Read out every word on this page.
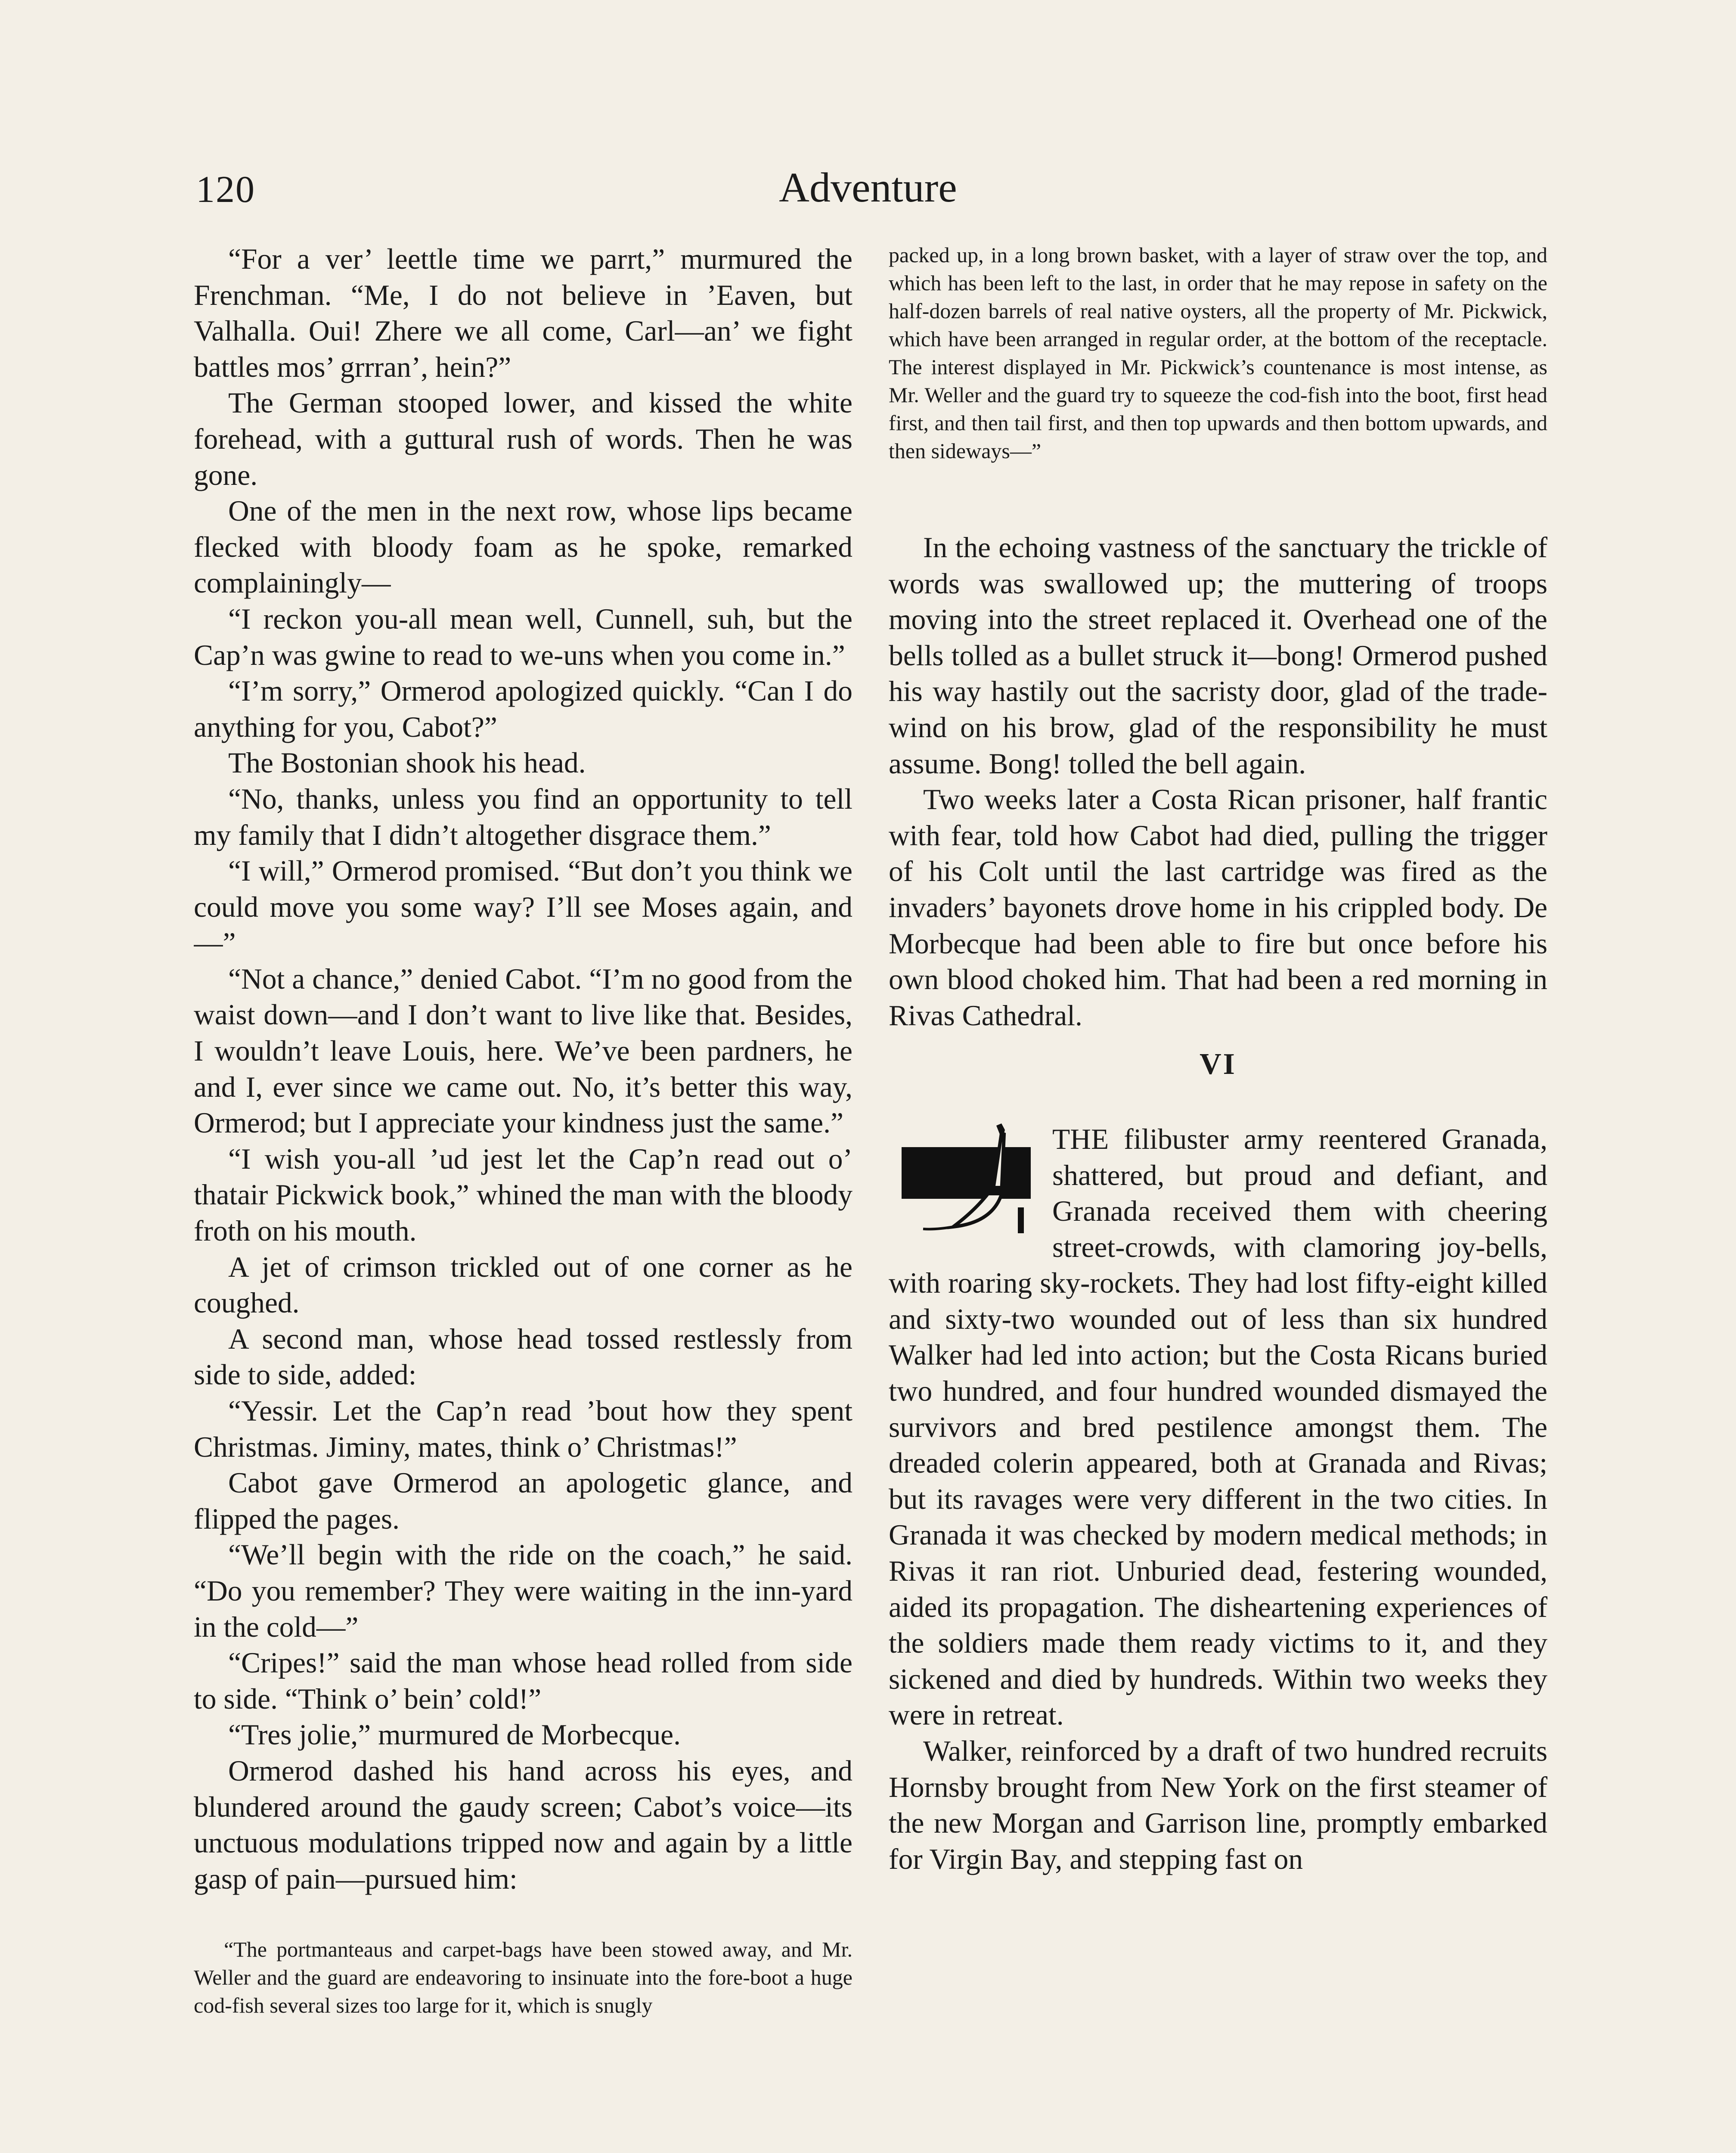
120	Adventure

“For a ver’ leettle time we parrt,” murmured the Frenchman. “Me, I do not believe in ’Eaven, but Valhalla. Oui! Zhere we all come, Carl—an’ we fight battles mos’ grrran’, hein?”

The German stooped lower, and kissed the white forehead, with a guttural rush of words. Then he was gone.

One of the men in the next row, whose lips became flecked with bloody foam as he spoke, remarked complainingly—

“I reckon you-all mean well, Cunnell, suh, but the Cap’n was gwine to read to we-uns when you come in.”

“I’m sorry,” Ormerod apologized quickly. “Can I do anything for you, Cabot?”

The Bostonian shook his head.

“No, thanks, unless you find an opportunity to tell my family that I didn’t altogether disgrace them.”

“I will,” Ormerod promised. “But don’t you think we could move you some way? I’ll see Moses again, and—”

“Not a chance,” denied Cabot. “I’m no good from the waist down—and I don’t want to live like that. Besides, I wouldn’t leave Louis, here. We’ve been pardners, he and I, ever since we came out. No, it’s better this way, Ormerod; but I appreciate your kindness just the same.”

“I wish you-all ’ud jest let the Cap’n read out o’ thatair Pickwick book,” whined the man with the bloody froth on his mouth.

A jet of crimson trickled out of one corner as he coughed.

A second man, whose head tossed restlessly from side to side, added:

“Yessir. Let the Cap’n read ’bout how they spent Christmas. Jiminy, mates, think o’ Christmas!”

Cabot gave Ormerod an apologetic glance, and flipped the pages.

“We’ll begin with the ride on the coach,” he said. “Do you remember? They were waiting in the inn-yard in the cold—”

“Cripes!” said the man whose head rolled from side to side. “Think o’ bein’ cold!”

“Tres jolie,” murmured de Morbecque.

Ormerod dashed his hand across his eyes, and blundered around the gaudy screen; Cabot’s voice—its unctuous modulations tripped now and again by a little gasp of pain—pursued him:

“The portmanteaus and carpet-bags have been stowed away, and Mr. Weller and the guard are endeavoring to insinuate into the fore-boot a huge cod-fish several sizes too large for it, which is snugly

packed up, in a long brown basket, with a layer of straw over the top, and which has been left to the last, in order that he may repose in safety on the half-dozen barrels of real native oysters, all the property of Mr. Pickwick, which have been arranged in regular order, at the bottom of the receptacle. The interest displayed in Mr. Pickwick’s countenance is most intense, as Mr. Weller and the guard try to squeeze the cod-fish into the boot, first head first, and then tail first, and then top upwards and then bottom upwards, and then sideways—”

In the echoing vastness of the sanctuary the trickle of words was swallowed up; the muttering of troops moving into the street replaced it. Overhead one of the bells tolled as a bullet struck it—bong! Ormerod pushed his way hastily out the sacristy door, glad of the trade-wind on his brow, glad of the responsibility he must assume. Bong! tolled the bell again.

Two weeks later a Costa Rican prisoner, half frantic with fear, told how Cabot had died, pulling the trigger of his Colt until the last cartridge was fired as the invaders’ bayonets drove home in his crippled body. De Morbecque had been able to fire but once before his own blood choked him. That had been a red morning in Rivas Cathedral.

VI

THE filibuster army reentered Granada, shattered, but proud and defiant, and Granada received them with cheering street-crowds, with clamoring joy-bells, with roaring sky-rockets. They had lost fifty-eight killed and sixty-two wounded out of less than six hundred Walker had led into action; but the Costa Ricans buried two hundred, and four hundred wounded dismayed the survivors and bred pestilence amongst them. The dreaded colerin appeared, both at Granada and Rivas; but its ravages were very different in the two cities. In Granada it was checked by modern medical methods; in Rivas it ran riot. Unburied dead, festering wounded, aided its propagation. The disheartening experiences of the soldiers made them ready victims to it, and they sickened and died by hundreds. Within two weeks they were in retreat.

Walker, reinforced by a draft of two hundred recruits Hornsby brought from New York on the first steamer of the new Morgan and Garrison line, promptly embarked for Virgin Bay, and stepping fast on
